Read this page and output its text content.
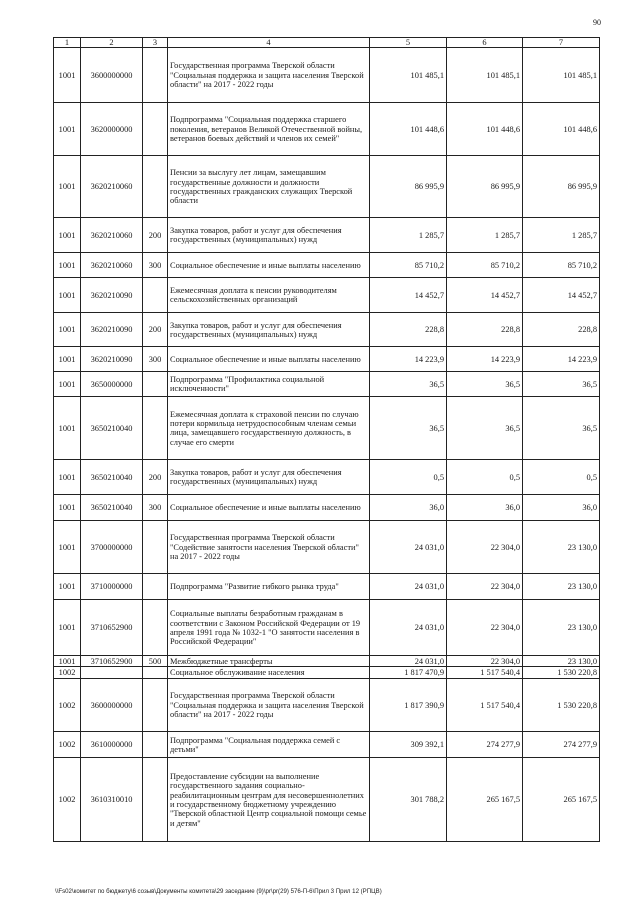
90
1	2	3	4	5	6	7
1001	3600000000		Государственная программа Тверской области "Социальная поддержка и защита населения Тверской области" на 2017 - 2022 годы	101 485,1	101 485,1	101 485,1
1001	3620000000		Подпрограмма "Социальная поддержка старшего поколения, ветеранов Великой Отечественной войны, ветеранов боевых действий и членов их семей"	101 448,6	101 448,6	101 448,6
1001	3620210060		Пенсии за выслугу лет лицам, замещавшим государственные должности и должности государственных гражданских служащих Тверской области	86 995,9	86 995,9	86 995,9
1001	3620210060	200	Закупка товаров, работ и услуг для обеспечения государственных (муниципальных) нужд	1 285,7	1 285,7	1 285,7
1001	3620210060	300	Социальное обеспечение и иные выплаты населению	85 710,2	85 710,2	85 710,2
1001	3620210090		Ежемесячная доплата к пенсии руководителям сельскохозяйственных организаций	14 452,7	14 452,7	14 452,7
1001	3620210090	200	Закупка товаров, работ и услуг для обеспечения государственных (муниципальных) нужд	228,8	228,8	228,8
1001	3620210090	300	Социальное обеспечение и иные выплаты населению	14 223,9	14 223,9	14 223,9
1001	3650000000		Подпрограмма "Профилактика социальной исключенности"	36,5	36,5	36,5
1001	3650210040		Ежемесячная доплата к страховой пенсии по случаю потери кормильца нетрудоспособным членам семьи лица, замещавшего государственную должность, в случае его смерти	36,5	36,5	36,5
1001	3650210040	200	Закупка товаров, работ и услуг для обеспечения государственных (муниципальных) нужд	0,5	0,5	0,5
1001	3650210040	300	Социальное обеспечение и иные выплаты населению	36,0	36,0	36,0
1001	3700000000		Государственная программа Тверской области "Содействие занятости населения Тверской области" на 2017 - 2022 годы	24 031,0	22 304,0	23 130,0
1001	3710000000		Подпрограмма "Развитие гибкого рынка труда"	24 031,0	22 304,0	23 130,0
1001	3710652900		Социальные выплаты безработным гражданам в соответствии с Законом Российской Федерации от 19 апреля 1991 года № 1032-1 "О занятости населения в Российской Федерации"	24 031,0	22 304,0	23 130,0
1001	3710652900	500	Межбюджетные трансферты	24 031,0	22 304,0	23 130,0
1002			Социальное обслуживание населения	1 817 470,9	1 517 540,4	1 530 220,8
1002	3600000000		Государственная программа Тверской области "Социальная поддержка и защита населения Тверской области" на 2017 - 2022 годы	1 817 390,9	1 517 540,4	1 530 220,8
1002	3610000000		Подпрограмма "Социальная поддержка семей с детьми"	309 392,1	274 277,9	274 277,9
1002	3610310010		Предоставление субсидии на выполнение государственного задания социально-реабилитационным центрам для несовершеннолетних и государственному бюджетному учреждению "Тверской областной Центр социальной помощи семье и детям"	301 788,2	265 167,5	265 167,5
\\Fs02\комитет по бюджету\6 созыв\Документы комитета\29 заседание (9)\pr\pr(29) 576-П-6\Прил 3 Прил 12 (РПЦВ)
